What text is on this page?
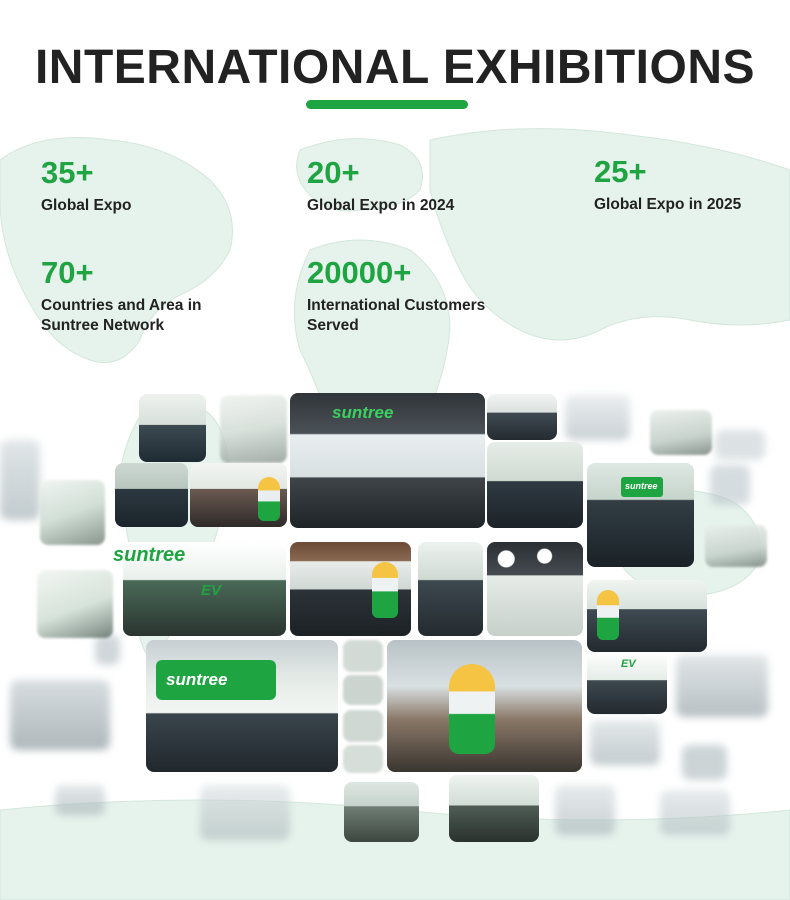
INTERNATIONAL EXHIBITIONS
35+
Global Expo
20+
Global Expo in 2024
25+
Global Expo in 2025
70+
Countries and Area in
Suntree Network
20000+
International Customers
Served
suntree
suntree
suntree
EV
suntree
EV
